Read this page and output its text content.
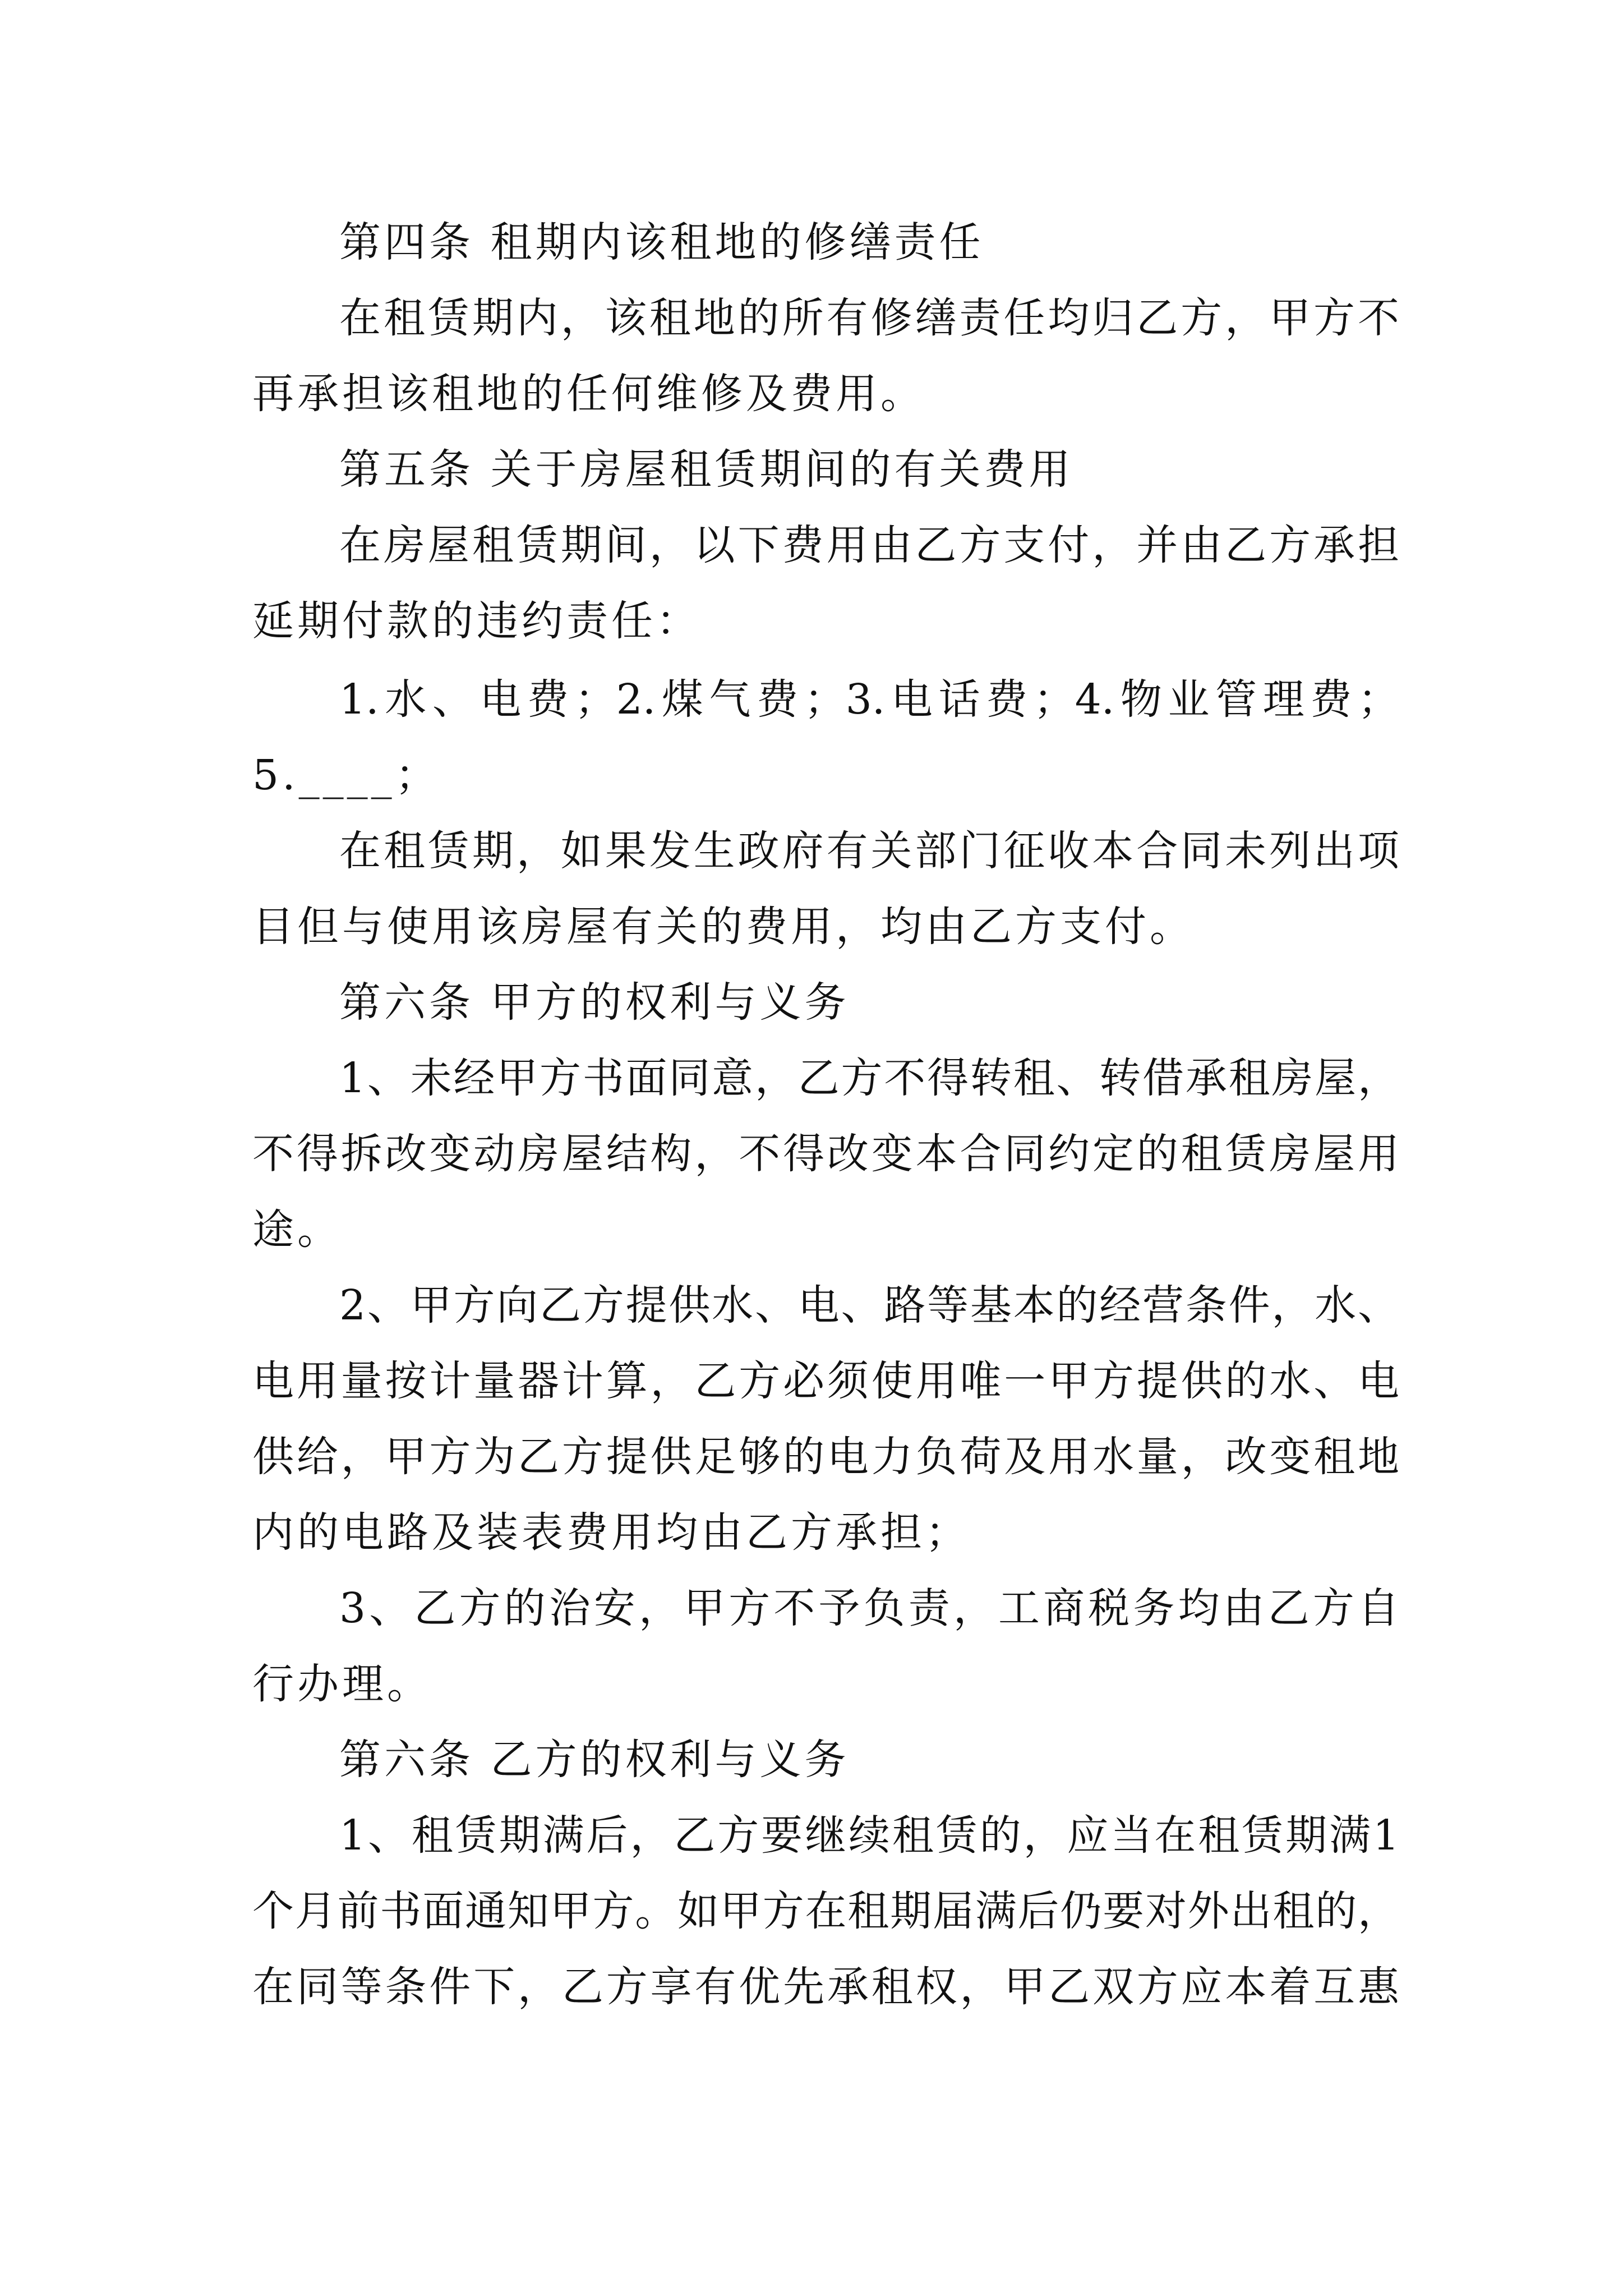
第四条 租期内该租地的修缮责任
在租赁期内，该租地的所有修缮责任均归乙方，甲方不
再承担该租地的任何维修及费用。
第五条 关于房屋租赁期间的有关费用
在房屋租赁期间，以下费用由乙方支付，并由乙方承担
延期付款的违约责任：
1.水、电费；2.煤气费；3.电话费；4.物业管理费；
5.____；
在租赁期，如果发生政府有关部门征收本合同未列出项
目但与使用该房屋有关的费用，均由乙方支付。
第六条 甲方的权利与义务
1、未经甲方书面同意，乙方不得转租、转借承租房屋，
不得拆改变动房屋结构，不得改变本合同约定的租赁房屋用
途。
2、甲方向乙方提供水、电、路等基本的经营条件，水、
电用量按计量器计算，乙方必须使用唯一甲方提供的水、电
供给，甲方为乙方提供足够的电力负荷及用水量，改变租地
内的电路及装表费用均由乙方承担；
3、乙方的治安，甲方不予负责，工商税务均由乙方自
行办理。
第六条 乙方的权利与义务
1、租赁期满后，乙方要继续租赁的，应当在租赁期满1
个月前书面通知甲方。如甲方在租期届满后仍要对外出租的，
在同等条件下，乙方享有优先承租权，甲乙双方应本着互惠
